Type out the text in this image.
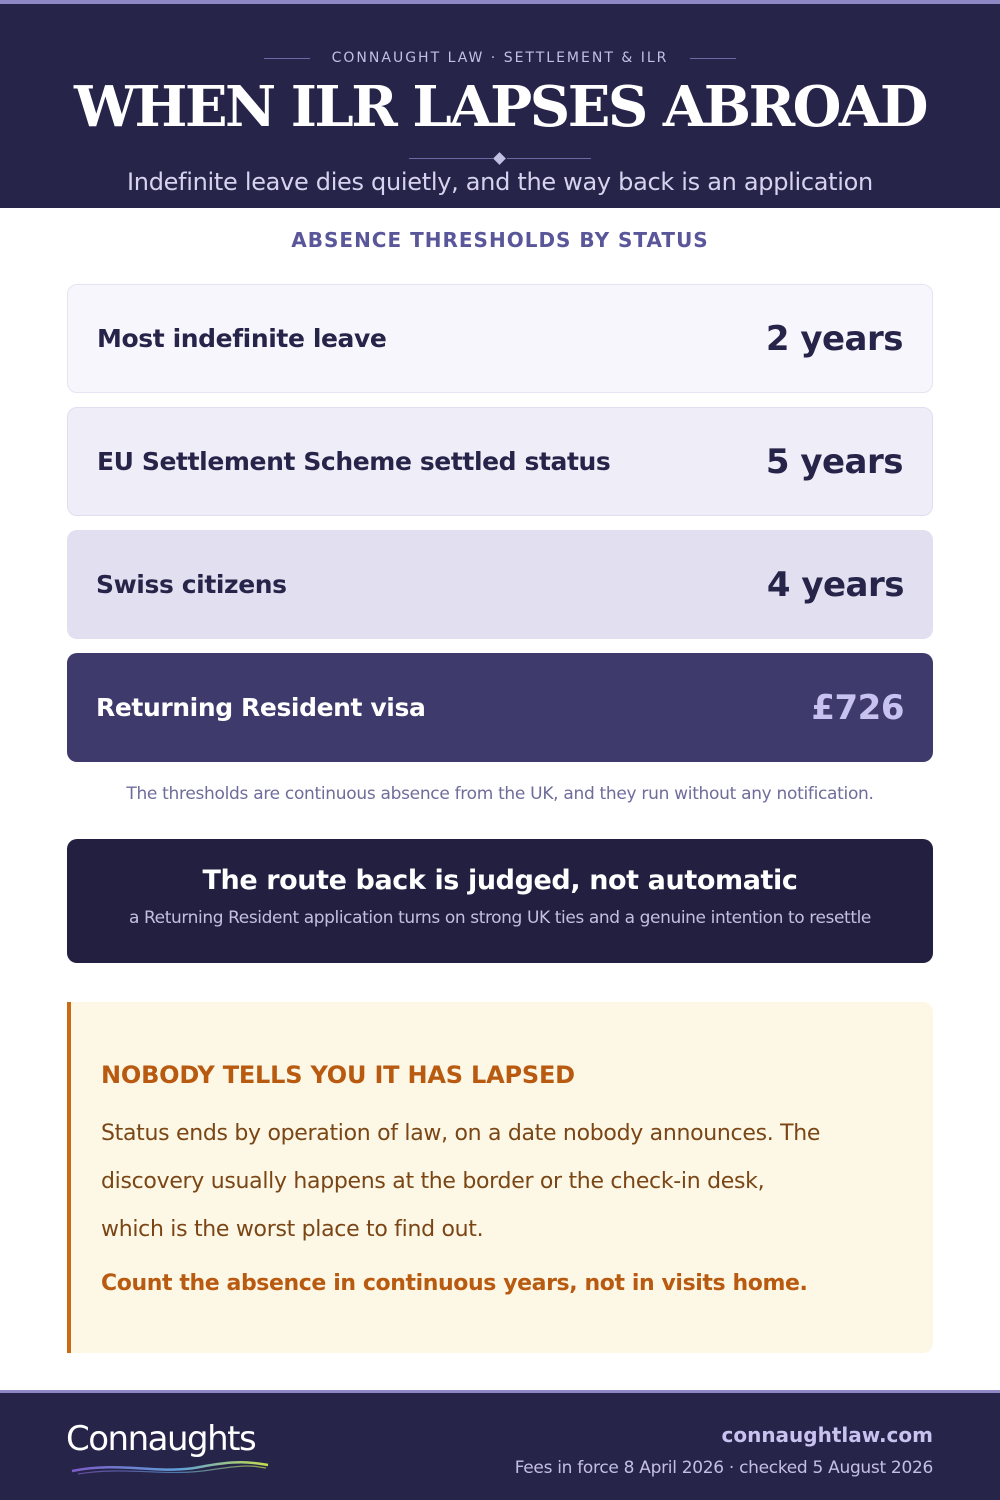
CONNAUGHT LAW · SETTLEMENT & ILR
WHEN ILR LAPSES ABROAD

Indefinite leave dies quietly, and the way back is an application

ABSENCE THRESHOLDS BY STATUS
Most indefinite leave	2 years
EU Settlement Scheme settled status	5 years
Swiss citizens	4 years
Returning Resident visa	£726

The thresholds are continuous absence from the UK, and they run without any notification.

The route back is judged, not automatic
a Returning Resident application turns on strong UK ties and a genuine intention to resettle
NOBODY TELLS YOU IT HAS LAPSED

Status ends by operation of law, on a date nobody announces. The discovery usually happens at the border or the check-in desk, which is the worst place to find out.

Count the absence in continuous years, not in visits home.
Connaughts	connaughtlaw.com
Fees in force 8 April 2026 · checked 5 August 2026
